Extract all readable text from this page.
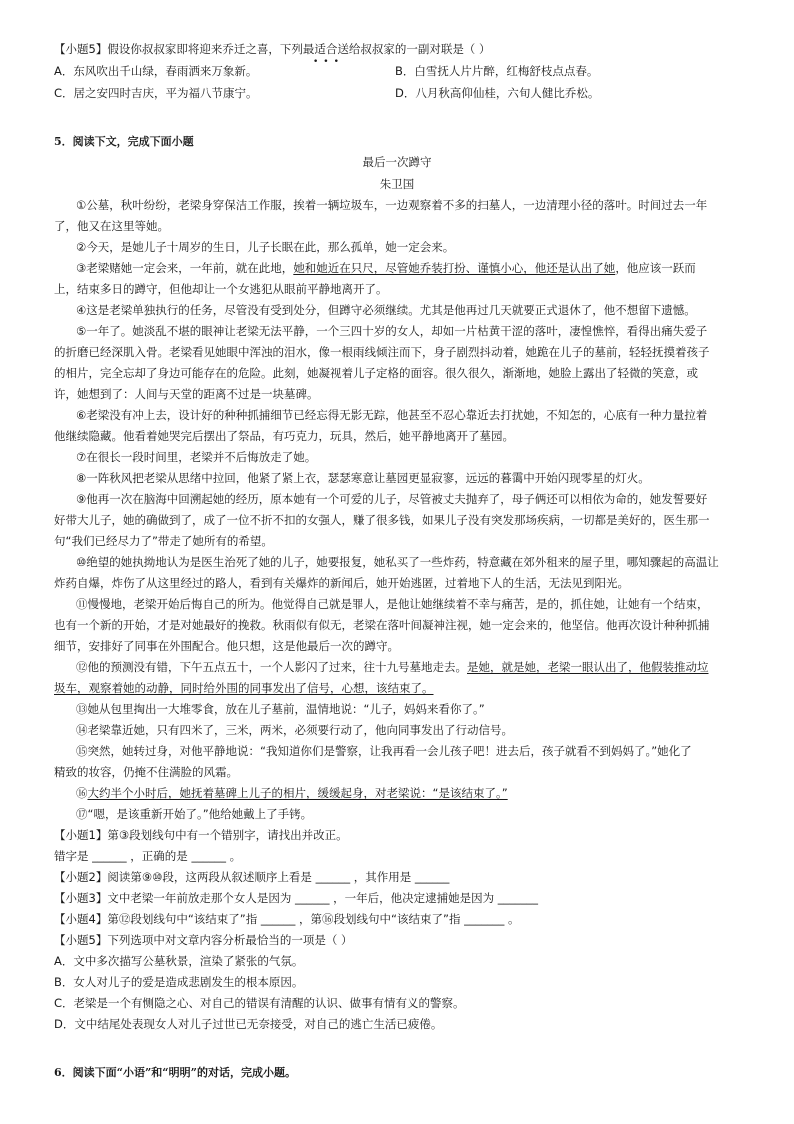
【小题5】假设你叔叔家即将迎来乔迁之喜，下列最适合送给叔叔家的一副对联是（ ）
•••
A．东风吹出千山绿，春雨洒来万象新。	B．白雪抚人片片醉，红梅舒枝点点春。
C．居之安四时吉庆，平为福八节康宁。	D．八月秋高仰仙桂，六旬人健比乔松。
5．阅读下文，完成下面小题
最后一次蹲守
朱卫国
①公墓，秋叶纷纷，老梁身穿保洁工作服，挨着一辆垃圾车，一边观察着不多的扫墓人，一边清理小径的落叶。时间过去一年
了，他又在这里等她。
②今天，是她儿子十周岁的生日，儿子长眠在此，那么孤单，她一定会来。
③老梁赌她一定会来，一年前，就在此地，她和她近在只尺，尽管她乔装打扮、谨慎小心，他还是认出了她，他应该一跃而
上，结束多日的蹲守，但他却让一个女逃犯从眼前平静地离开了。
④这是老梁单独执行的任务，尽管没有受到处分，但蹲守必须继续。尤其是他再过几天就要正式退休了，他不想留下遗憾。
⑤一年了。她淡乱不堪的眼神让老梁无法平静，一个三四十岁的女人，却如一片枯黄干涩的落叶，凄惶憔悴，看得出痛失爱子
的折磨已经深肌入骨。老梁看见她眼中浑浊的泪水，像一根雨线倾注而下，身子剧烈抖动着，她跪在儿子的墓前，轻轻抚摸着孩子
的相片，完全忘却了身边可能存在的危险。此刻，她凝视着儿子定格的面容。很久很久，渐渐地，她脸上露出了轻微的笑意，或
许，她想到了：人间与天堂的距离不过是一块墓碑。
⑥老梁没有冲上去，设计好的种种抓捕细节已经忘得无影无踪，他甚至不忍心靠近去打扰她，不知怎的，心底有一种力量拉着
他继续隐藏。他看着她哭完后摆出了祭品，有巧克力，玩具，然后，她平静地离开了墓园。
⑦在很长一段时间里，老梁并不后悔放走了她。
⑧一阵秋风把老梁从思绪中拉回，他紧了紧上衣，瑟瑟寒意让墓园更显寂寥，远远的暮霭中开始闪现零星的灯火。
⑨他再一次在脑海中回溯起她的经历，原本她有一个可爱的儿子，尽管被丈夫抛弃了，母子俩还可以相依为命的，她发誓要好
好带大儿子，她的确做到了，成了一位不折不扣的女强人，赚了很多钱，如果儿子没有突发那场疾病，一切都是美好的，医生那一
句“我们已经尽力了”带走了她所有的希望。
⑩绝望的她执拗地认为是医生治死了她的儿子，她要报复，她私买了一些炸药，特意藏在郊外租来的屋子里，哪知骤起的高温让
炸药自爆，炸伤了从这里经过的路人，看到有关爆炸的新闻后，她开始逃匿，过着地下人的生活，无法见到阳光。
⑪慢慢地，老梁开始后悔自己的所为。他觉得自己就是罪人，是他让她继续着不幸与痛苦，是的，抓住她，让她有一个结束，
也有一个新的开始，才是对她最好的挽救。秋雨似有似无，老梁在落叶间凝神注视，她一定会来的，他坚信。他再次设计种种抓捕
细节，安排好了同事在外围配合。他只想，这是他最后一次的蹲守。
⑫他的预测没有错，下午五点五十，一个人影闪了过来，往十九号墓地走去。是她，就是她，老梁一眼认出了，他假装推动垃
圾车，观察着她的动静，同时给外围的同事发出了信号，心想，该结束了。
⑬她从包里掏出一大堆零食，放在儿子墓前，温情地说：“儿子，妈妈来看你了。”
⑭老梁靠近她，只有四米了，三米，两米，必须要行动了，他向同事发出了行动信号。
⑮突然，她转过身，对他平静地说：“我知道你们是警察，让我再看一会儿孩子吧！进去后，孩子就看不到妈妈了。”她化了
精致的妆容，仍掩不住满脸的风霜。
⑯大约半个小时后，她抚着墓碑上儿子的相片，缓缓起身，对老梁说：“是该结束了。”
⑰“嗯，是该重新开始了。”他给她戴上了手铐。
【小题1】第③段划线句中有一个错别字，请找出并改正。
错字是 ______ ，正确的是 ______ 。
【小题2】阅读第⑨⑩段，这两段从叙述顺序上看是 ______ ，其作用是 ______
【小题3】文中老梁一年前放走那个女人是因为 ______ ，一年后，他决定逮捕她是因为 _______
【小题4】第⑫段划线句中“该结束了”指 ______ ，第⑯段划线句中“该结束了”指 _______ 。
【小题5】下列选项中对文章内容分析最恰当的一项是（ ）
A．文中多次描写公墓秋景，渲染了紧张的气氛。
B．女人对儿子的爱是造成悲剧发生的根本原因。
C．老梁是一个有恻隐之心、对自己的错误有清醒的认识、做事有情有义的警察。
D．文中结尾处表现女人对儿子过世已无奈接受，对自己的逃亡生活已疲倦。
6．阅读下面“小语”和“明明”的对话，完成小题。
